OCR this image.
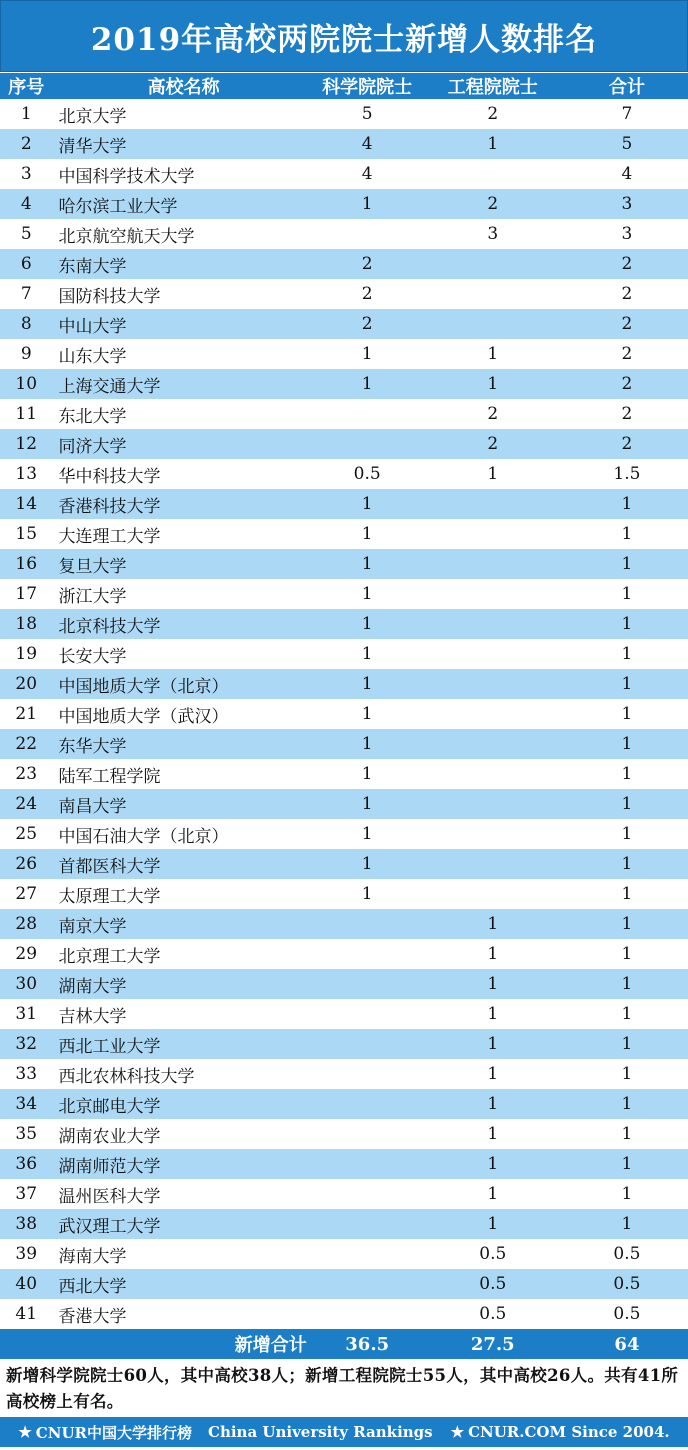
2019年高校两院院士新增人数排名
序号	高校名称	科学院院士	工程院院士	合计
1	北京大学	5	2	7
2	清华大学	4	1	5
3	中国科学技术大学	4		4
4	哈尔滨工业大学	1	2	3
5	北京航空航天大学		3	3
6	东南大学	2		2
7	国防科技大学	2		2
8	中山大学	2		2
9	山东大学	1	1	2
10	上海交通大学	1	1	2
11	东北大学		2	2
12	同济大学		2	2
13	华中科技大学	0.5	1	1.5
14	香港科技大学	1		1
15	大连理工大学	1		1
16	复旦大学	1		1
17	浙江大学	1		1
18	北京科技大学	1		1
19	长安大学	1		1
20	中国地质大学（北京）	1		1
21	中国地质大学（武汉）	1		1
22	东华大学	1		1
23	陆军工程学院	1		1
24	南昌大学	1		1
25	中国石油大学（北京）	1		1
26	首都医科大学	1		1
27	太原理工大学	1		1
28	南京大学		1	1
29	北京理工大学		1	1
30	湖南大学		1	1
31	吉林大学		1	1
32	西北工业大学		1	1
33	西北农林科技大学		1	1
34	北京邮电大学		1	1
35	湖南农业大学		1	1
36	湖南师范大学		1	1
37	温州医科大学		1	1
38	武汉理工大学		1	1
39	海南大学		0.5	0.5
40	西北大学		0.5	0.5
41	香港大学		0.5	0.5
	新增合计	36.5	27.5	64
新增科学院院士60人，其中高校38人；新增工程院院士55人，其中高校26人。共有41所高校榜上有名。
★ CNUR中国大学排行榜 China University Rankings ★ CNUR.COM Since 2004.
